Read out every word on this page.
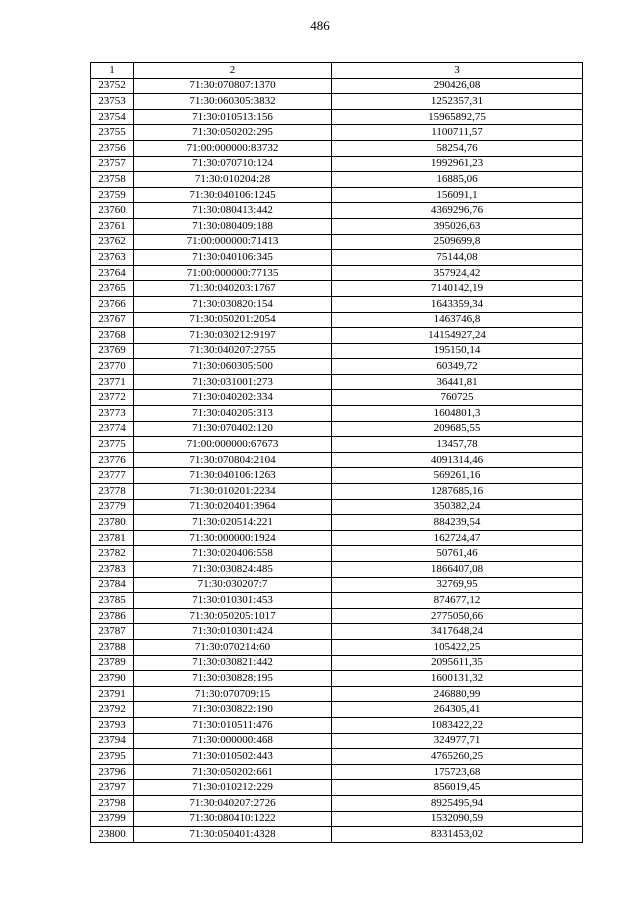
486
1	2	3
23752	71:30:070807:1370	290426,08
23753	71:30:060305:3832	1252357,31
23754	71:30:010513:156	15965892,75
23755	71:30:050202:295	1100711,57
23756	71:00:000000:83732	58254,76
23757	71:30:070710:124	1992961,23
23758	71:30:010204:28	16885,06
23759	71:30:040106:1245	156091,1
23760	71:30:080413:442	4369296,76
23761	71:30:080409:188	395026,63
23762	71:00:000000:71413	2509699,8
23763	71:30:040106:345	75144,08
23764	71:00:000000:77135	357924,42
23765	71:30:040203:1767	7140142,19
23766	71:30:030820:154	1643359,34
23767	71:30:050201:2054	1463746,8
23768	71:30:030212:9197	14154927,24
23769	71:30:040207:2755	195150,14
23770	71:30:060305:500	60349,72
23771	71:30:031001:273	36441,81
23772	71:30:040202:334	760725
23773	71:30:040205:313	1604801,3
23774	71:30:070402:120	209685,55
23775	71:00:000000:67673	13457,78
23776	71:30:070804:2104	4091314,46
23777	71:30:040106:1263	569261,16
23778	71:30:010201:2234	1287685,16
23779	71:30:020401:3964	350382,24
23780	71:30:020514:221	884239,54
23781	71:30:000000:1924	162724,47
23782	71:30:020406:558	50761,46
23783	71:30:030824:485	1866407,08
23784	71:30:030207:7	32769,95
23785	71:30:010301:453	874677,12
23786	71:30:050205:1017	2775050,66
23787	71:30:010301:424	3417648,24
23788	71:30:070214:60	105422,25
23789	71:30:030821:442	2095611,35
23790	71:30:030828:195	1600131,32
23791	71:30:070709:15	246880,99
23792	71:30:030822:190	264305,41
23793	71:30:010511:476	1083422,22
23794	71:30:000000:468	324977,71
23795	71:30:010502:443	4765260,25
23796	71:30:050202:661	175723,68
23797	71:30:010212:229	856019,45
23798	71:30:040207:2726	8925495,94
23799	71:30:080410:1222	1532090,59
23800	71:30:050401:4328	8331453,02
